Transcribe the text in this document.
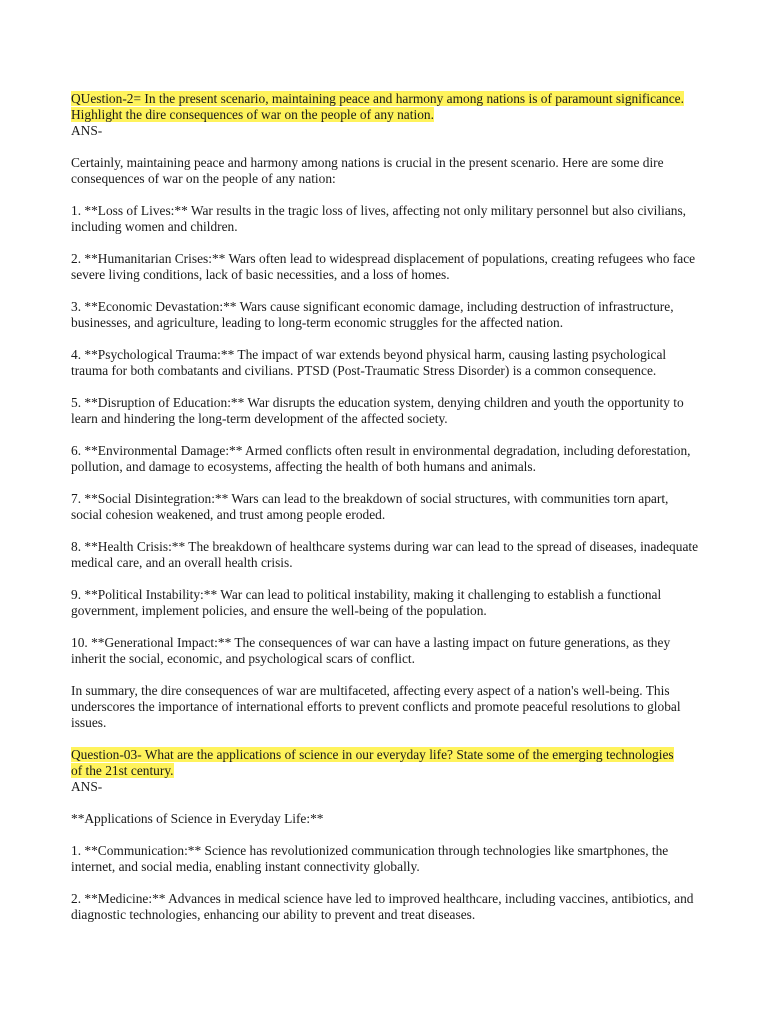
QUestion-2= In the present scenario, maintaining peace and harmony among nations is of paramount significance.
Highlight the dire consequences of war on the people of any nation.
ANS-
Certainly, maintaining peace and harmony among nations is crucial in the present scenario. Here are some dire consequences of war on the people of any nation:
1. **Loss of Lives:** War results in the tragic loss of lives, affecting not only military personnel but also civilians, including women and children.
2. **Humanitarian Crises:** Wars often lead to widespread displacement of populations, creating refugees who face severe living conditions, lack of basic necessities, and a loss of homes.
3. **Economic Devastation:** Wars cause significant economic damage, including destruction of infrastructure, businesses, and agriculture, leading to long-term economic struggles for the affected nation.
4. **Psychological Trauma:** The impact of war extends beyond physical harm, causing lasting psychological trauma for both combatants and civilians. PTSD (Post-Traumatic Stress Disorder) is a common consequence.
5. **Disruption of Education:** War disrupts the education system, denying children and youth the opportunity to learn and hindering the long-term development of the affected society.
6. **Environmental Damage:** Armed conflicts often result in environmental degradation, including deforestation, pollution, and damage to ecosystems, affecting the health of both humans and animals.
7. **Social Disintegration:** Wars can lead to the breakdown of social structures, with communities torn apart, social cohesion weakened, and trust among people eroded.
8. **Health Crisis:** The breakdown of healthcare systems during war can lead to the spread of diseases, inadequate medical care, and an overall health crisis.
9. **Political Instability:** War can lead to political instability, making it challenging to establish a functional government, implement policies, and ensure the well-being of the population.
10. **Generational Impact:** The consequences of war can have a lasting impact on future generations, as they inherit the social, economic, and psychological scars of conflict.
In summary, the dire consequences of war are multifaceted, affecting every aspect of a nation's well-being. This underscores the importance of international efforts to prevent conflicts and promote peaceful resolutions to global issues.
Question-03- What are the applications of science in our everyday life? State some of the emerging technologies
of the 21st century.
ANS-
**Applications of Science in Everyday Life:**
1. **Communication:** Science has revolutionized communication through technologies like smartphones, the internet, and social media, enabling instant connectivity globally.
2. **Medicine:** Advances in medical science have led to improved healthcare, including vaccines, antibiotics, and diagnostic technologies, enhancing our ability to prevent and treat diseases.
